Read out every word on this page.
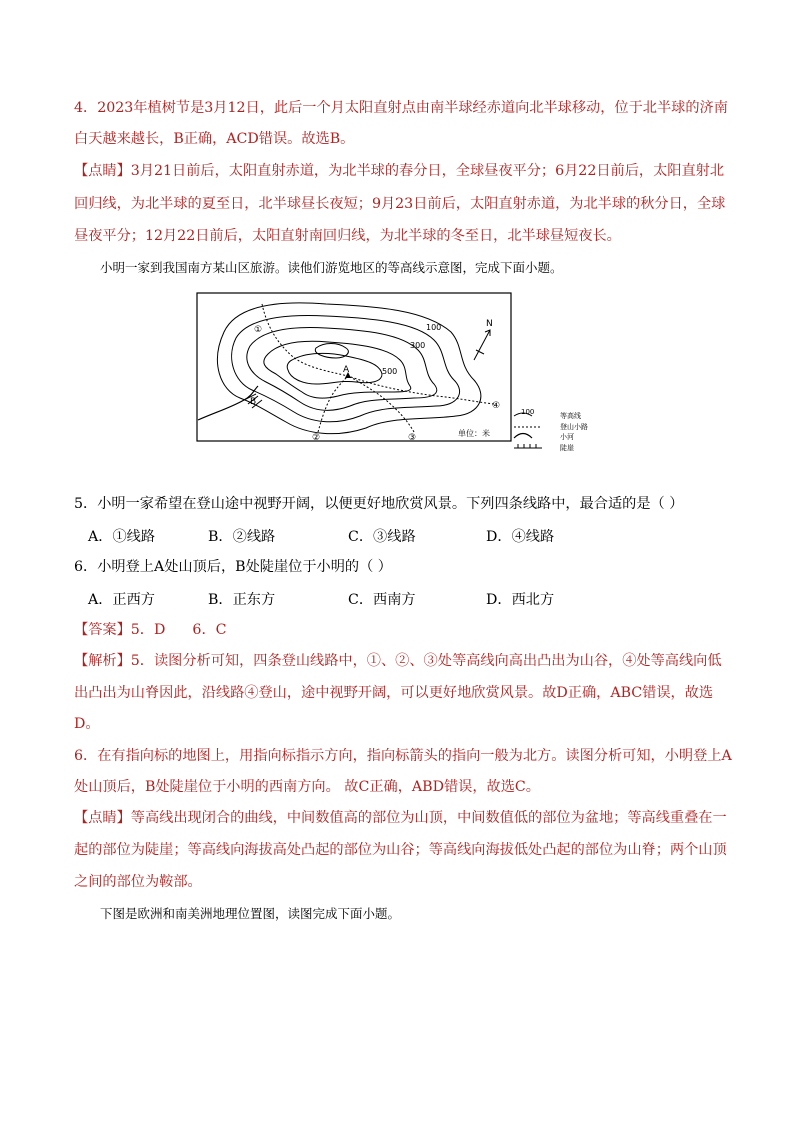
4．2023年植树节是3月12日，此后一个月太阳直射点由南半球经赤道向北半球移动，位于北半球的济南
白天越来越长，B正确，ACD错误。故选B。
【点睛】3月21日前后，太阳直射赤道，为北半球的春分日，全球昼夜平分；6月22日前后，太阳直射北
回归线，为北半球的夏至日，北半球昼长夜短；9月23日前后，太阳直射赤道，为北半球的秋分日，全球
昼夜平分；12月22日前后，太阳直射南回归线，为北半球的冬至日，北半球昼短夜长。
小明一家到我国南方某山区旅游。读他们游览地区的等高线示意图，完成下面小题。
A
B
100
300
500
①
②	③
④
N
单位：米
100	等高线
登山小路
小河
陡崖
5．小明一家希望在登山途中视野开阔，以便更好地欣赏风景。下列四条线路中，最合适的是（ ）
A．①线路	B．②线路	C．③线路	D．④线路
6．小明登上A处山顶后，B处陡崖位于小明的（ ）
A．正西方	B．正东方	C．西南方	D．西北方
【答案】5．D      6．C
【解析】5．读图分析可知，四条登山线路中，①、②、③处等高线向高出凸出为山谷，④处等高线向低
出凸出为山脊因此，沿线路④登山，途中视野开阔，可以更好地欣赏风景。故D正确，ABC错误，故选
D。
6．在有指向标的地图上，用指向标指示方向，指向标箭头的指向一般为北方。读图分析可知，小明登上A
处山顶后，B处陡崖位于小明的西南方向。 故C正确，ABD错误，故选C。
【点睛】等高线出现闭合的曲线，中间数值高的部位为山顶，中间数值低的部位为盆地；等高线重叠在一
起的部位为陡崖；等高线向海拔高处凸起的部位为山谷；等高线向海拔低处凸起的部位为山脊；两个山顶
之间的部位为鞍部。
下图是欧洲和南美洲地理位置图，读图完成下面小题。
